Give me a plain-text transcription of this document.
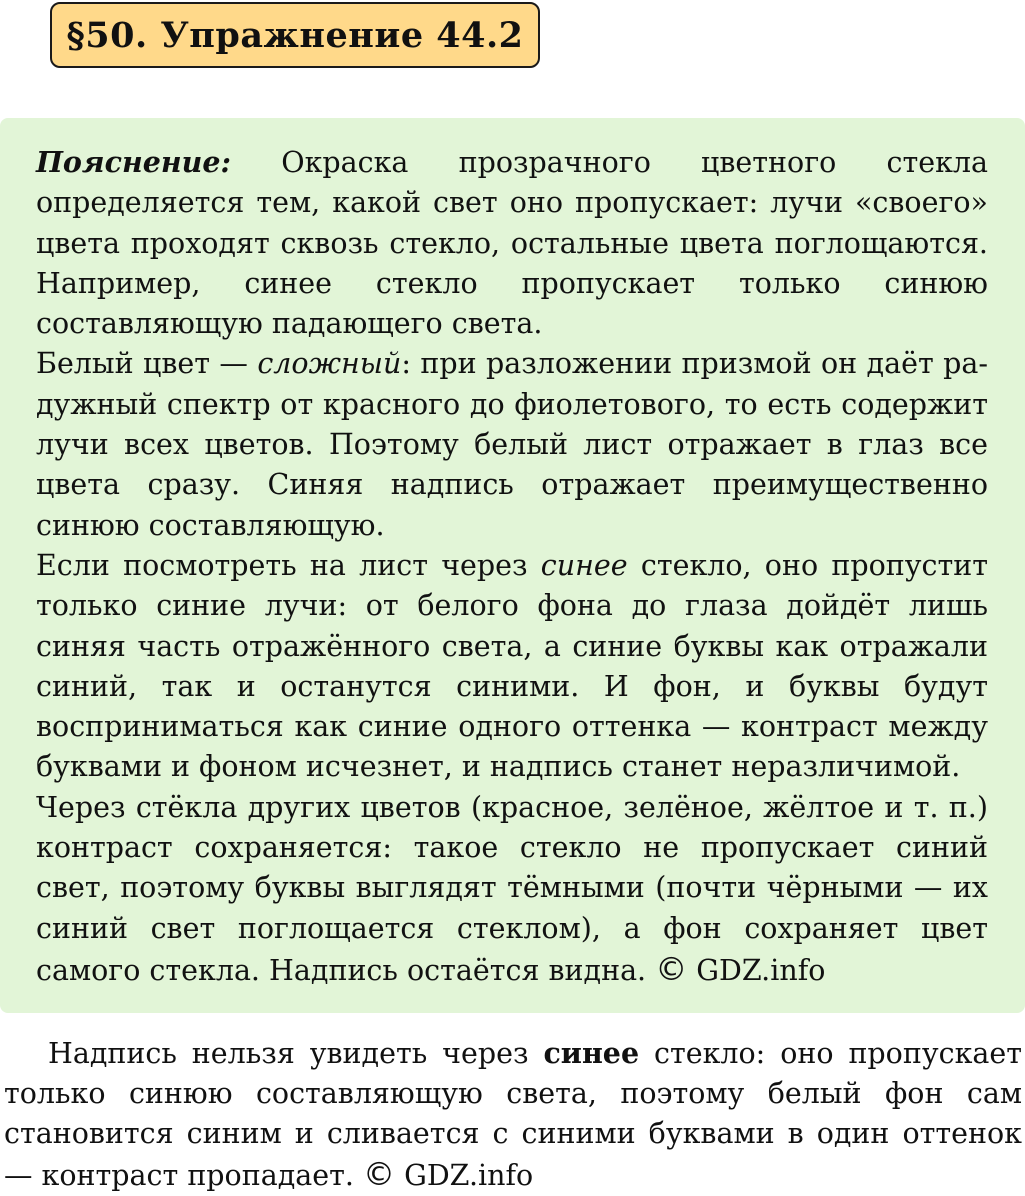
§50. Упражнение 44.2

Пояснение: Окраска прозрачного цветного стекла определяется тем, какой свет оно пропускает: лучи «своего» цвета проходят сквозь стекло, остальные цвета поглощаются. Например, синее стекло пропускает только синюю составляющую падающего света.

Белый цвет — сложный: при разложении призмой он даёт радужный спектр от красного до фиолетового, то есть содержит лучи всех цветов. Поэтому белый лист отражает в глаз все цвета сразу. Синяя надпись отражает преимущественно синюю составляющую.

Если посмотреть на лист через синее стекло, оно пропустит только синие лучи: от белого фона до глаза дойдёт лишь синяя часть отражённого света, а синие буквы как отражали синий, так и останутся синими. И фон, и буквы будут восприниматься как синие одного оттенка — контраст между буквами и фоном исчезнет, и надпись станет неразличимой.

Через стёкла других цветов (красное, зелёное, жёлтое и т. п.) контраст сохраняется: такое стекло не пропускает синий свет, поэтому буквы выглядят тёмными (почти чёрными — их синий свет поглощается стеклом), а фон сохраняет цвет самого стекла. Надпись остаётся видна. © GDZ.info

Надпись нельзя увидеть через синее стекло: оно пропускает только синюю составляющую света, поэтому белый фон сам становится синим и сливается с синими буквами в один оттенок — контраст пропадает. © GDZ.info
